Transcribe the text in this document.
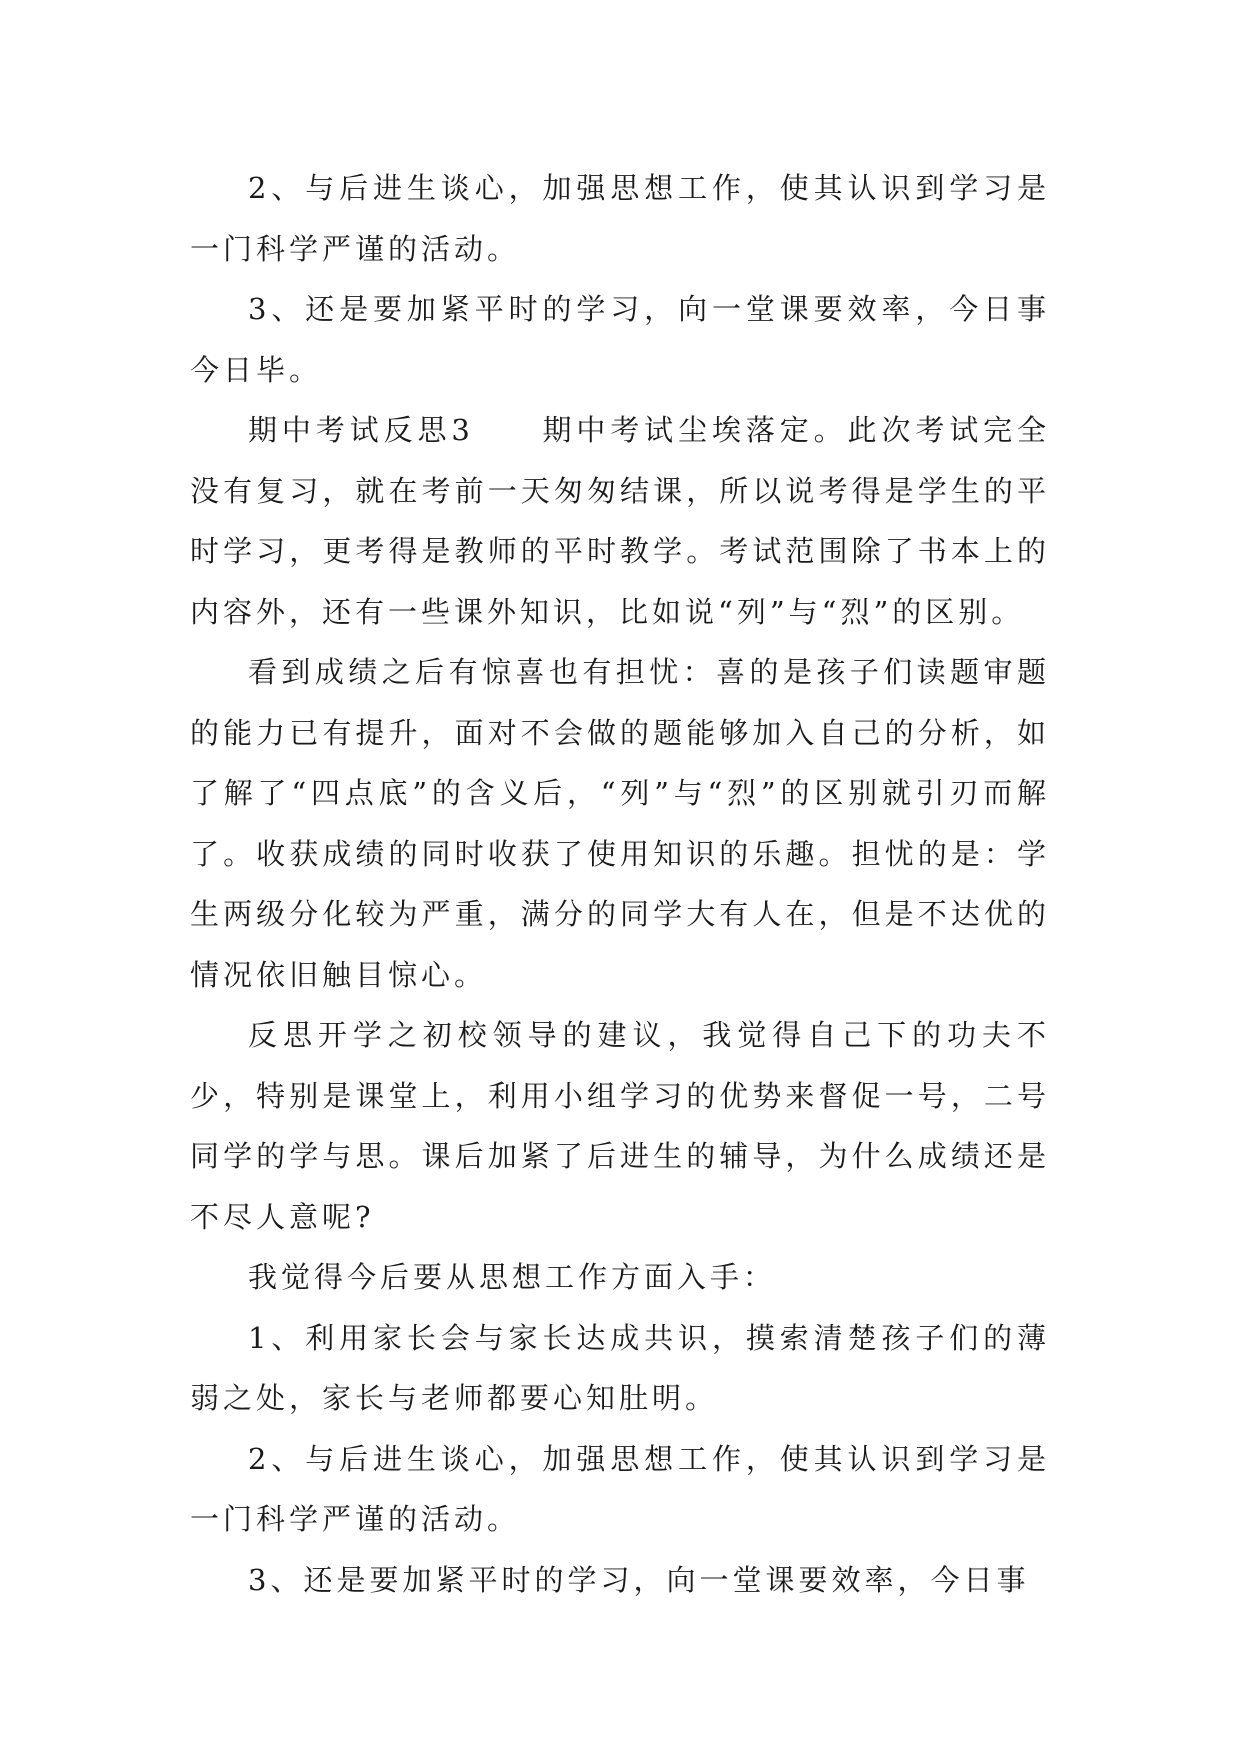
2、与后进生谈心，加强思想工作，使其认识到学习是一门科学严谨的活动。

3、还是要加紧平时的学习，向一堂课要效率，今日事今日毕。

期中考试反思3　　期中考试尘埃落定。此次考试完全没有复习，就在考前一天匆匆结课，所以说考得是学生的平时学习，更考得是教师的平时教学。考试范围除了书本上的内容外，还有一些课外知识，比如说“列”与“烈”的区别。

看到成绩之后有惊喜也有担忧：喜的是孩子们读题审题的能力已有提升，面对不会做的题能够加入自己的分析，如了解了“四点底”的含义后，“列”与“烈”的区别就引刃而解了。收获成绩的同时收获了使用知识的乐趣。担忧的是：学生两级分化较为严重，满分的同学大有人在，但是不达优的情况依旧触目惊心。

反思开学之初校领导的建议，我觉得自己下的功夫不少，特别是课堂上，利用小组学习的优势来督促一号，二号同学的学与思。课后加紧了后进生的辅导，为什么成绩还是不尽人意呢?

我觉得今后要从思想工作方面入手：

1、利用家长会与家长达成共识，摸索清楚孩子们的薄弱之处，家长与老师都要心知肚明。

2、与后进生谈心，加强思想工作，使其认识到学习是一门科学严谨的活动。

3、还是要加紧平时的学习，向一堂课要效率，今日事
